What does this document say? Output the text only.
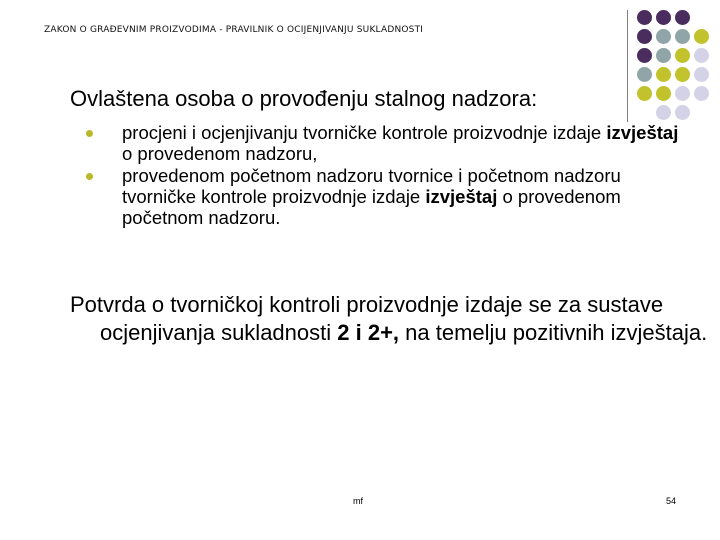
ZAKON O GRAĐEVNIM PROIZVODIMA - PRAVILNIK O OCIJENJIVANJU SUKLADNOSTI
Ovlaštena osoba o provođenju stalnog nadzora:
procjeni i ocjenjivanju tvorničke kontrole proizvodnje izdaje izvještaj o provedenom nadzoru,
provedenom početnom nadzoru tvornice i početnom nadzoru tvorničke kontrole proizvodnje izdaje izvještaj o provedenom početnom nadzoru.
Potvrda o tvorničkoj kontroli proizvodnje izdaje se za sustave ocjenjivanja sukladnosti 2 i 2+, na temelju pozitivnih izvještaja.
mf	54
